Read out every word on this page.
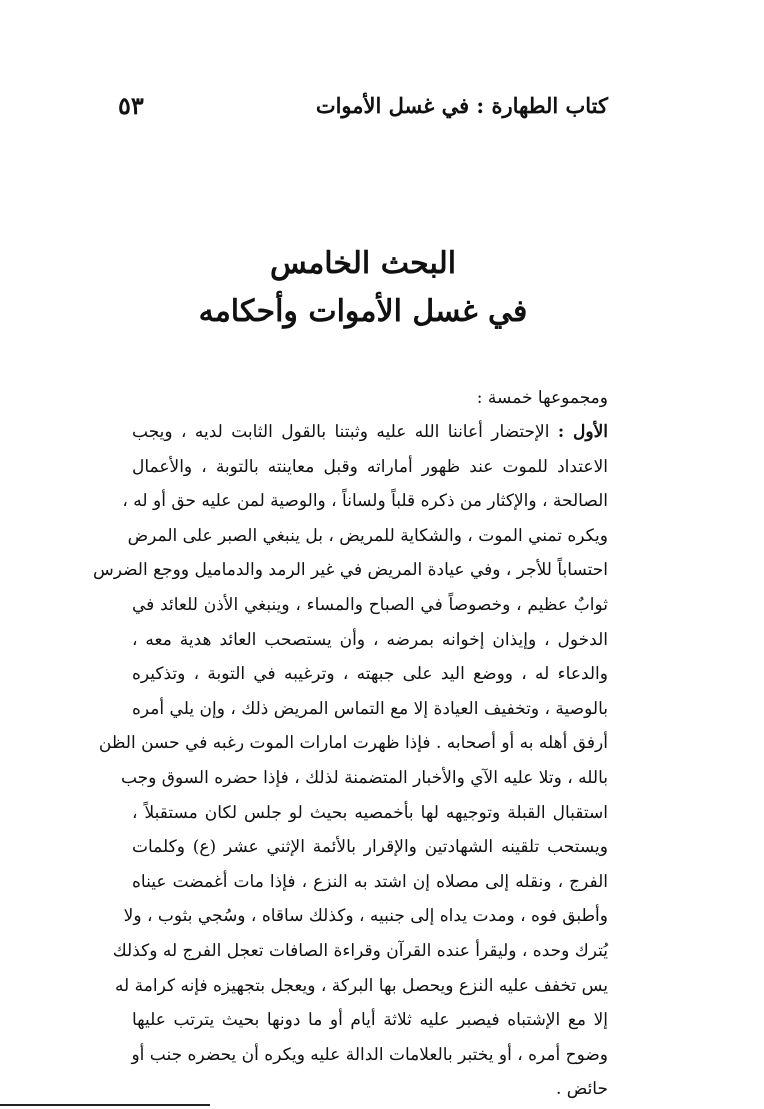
كتاب الطهارة : في غسل الأموات
٥٣
البحث الخامس
في غسل الأموات وأحكامه
ومجموعها خمسة :
الأول : الإحتضار أعاننا الله عليه وثبتنا بالقول الثابت لديه ، ويجب
الاعتداد للموت عند ظهور أماراته وقبل معاينته بالتوبة ، والأعمال
الصالحة ، والإكثار من ذكره قلباً ولساناً ، والوصية لمن عليه حق أو له ،
ويكره تمني الموت ، والشكاية للمريض ، بل ينبغي الصبر على المرض
احتساباً للأجر ، وفي عيادة المريض في غير الرمد والدماميل ووجع الضرس
ثوابٌ عظيم ، وخصوصاً في الصباح والمساء ، وينبغي الأذن للعائد في
الدخول ، وإيذان إخوانه بمرضه ، وأن يستصحب العائد هدية معه ،
والدعاء له ، ووضع اليد على جبهته ، وترغيبه في التوبة ، وتذكيره
بالوصية ، وتخفيف العيادة إلا مع التماس المريض ذلك ، وإن يلي أمره
أرفق أهله به أو أصحابه . فإذا ظهرت امارات الموت رغبه في حسن الظن
بالله ، وتلا عليه الآي والأخبار المتضمنة لذلك ، فإذا حضره السوق وجب
استقبال القبلة وتوجيهه لها بأخمصيه بحيث لو جلس لكان مستقبلاً ،
ويستحب تلقينه الشهادتين والإقرار بالأئمة الإثني عشر (ع) وكلمات
الفرج ، ونقله إلى مصلاه إن اشتد به النزع ، فإذا مات أغمضت عيناه
وأطبق فوه ، ومدت يداه إلى جنبيه ، وكذلك ساقاه ، وسُجي بثوب ، ولا
يُترك وحده ، وليقرأ عنده القرآن وقراءة الصافات تعجل الفرج له وكذلك
يس تخفف عليه النزع ويحصل بها البركة ، ويعجل بتجهيزه فإنه كرامة له
إلا مع الإشتباه فيصبر عليه ثلاثة أيام أو ما دونها بحيث يترتب عليها
وضوح أمره ، أو يختبر بالعلامات الدالة عليه ويكره أن يحضره جنب أو
حائض .
